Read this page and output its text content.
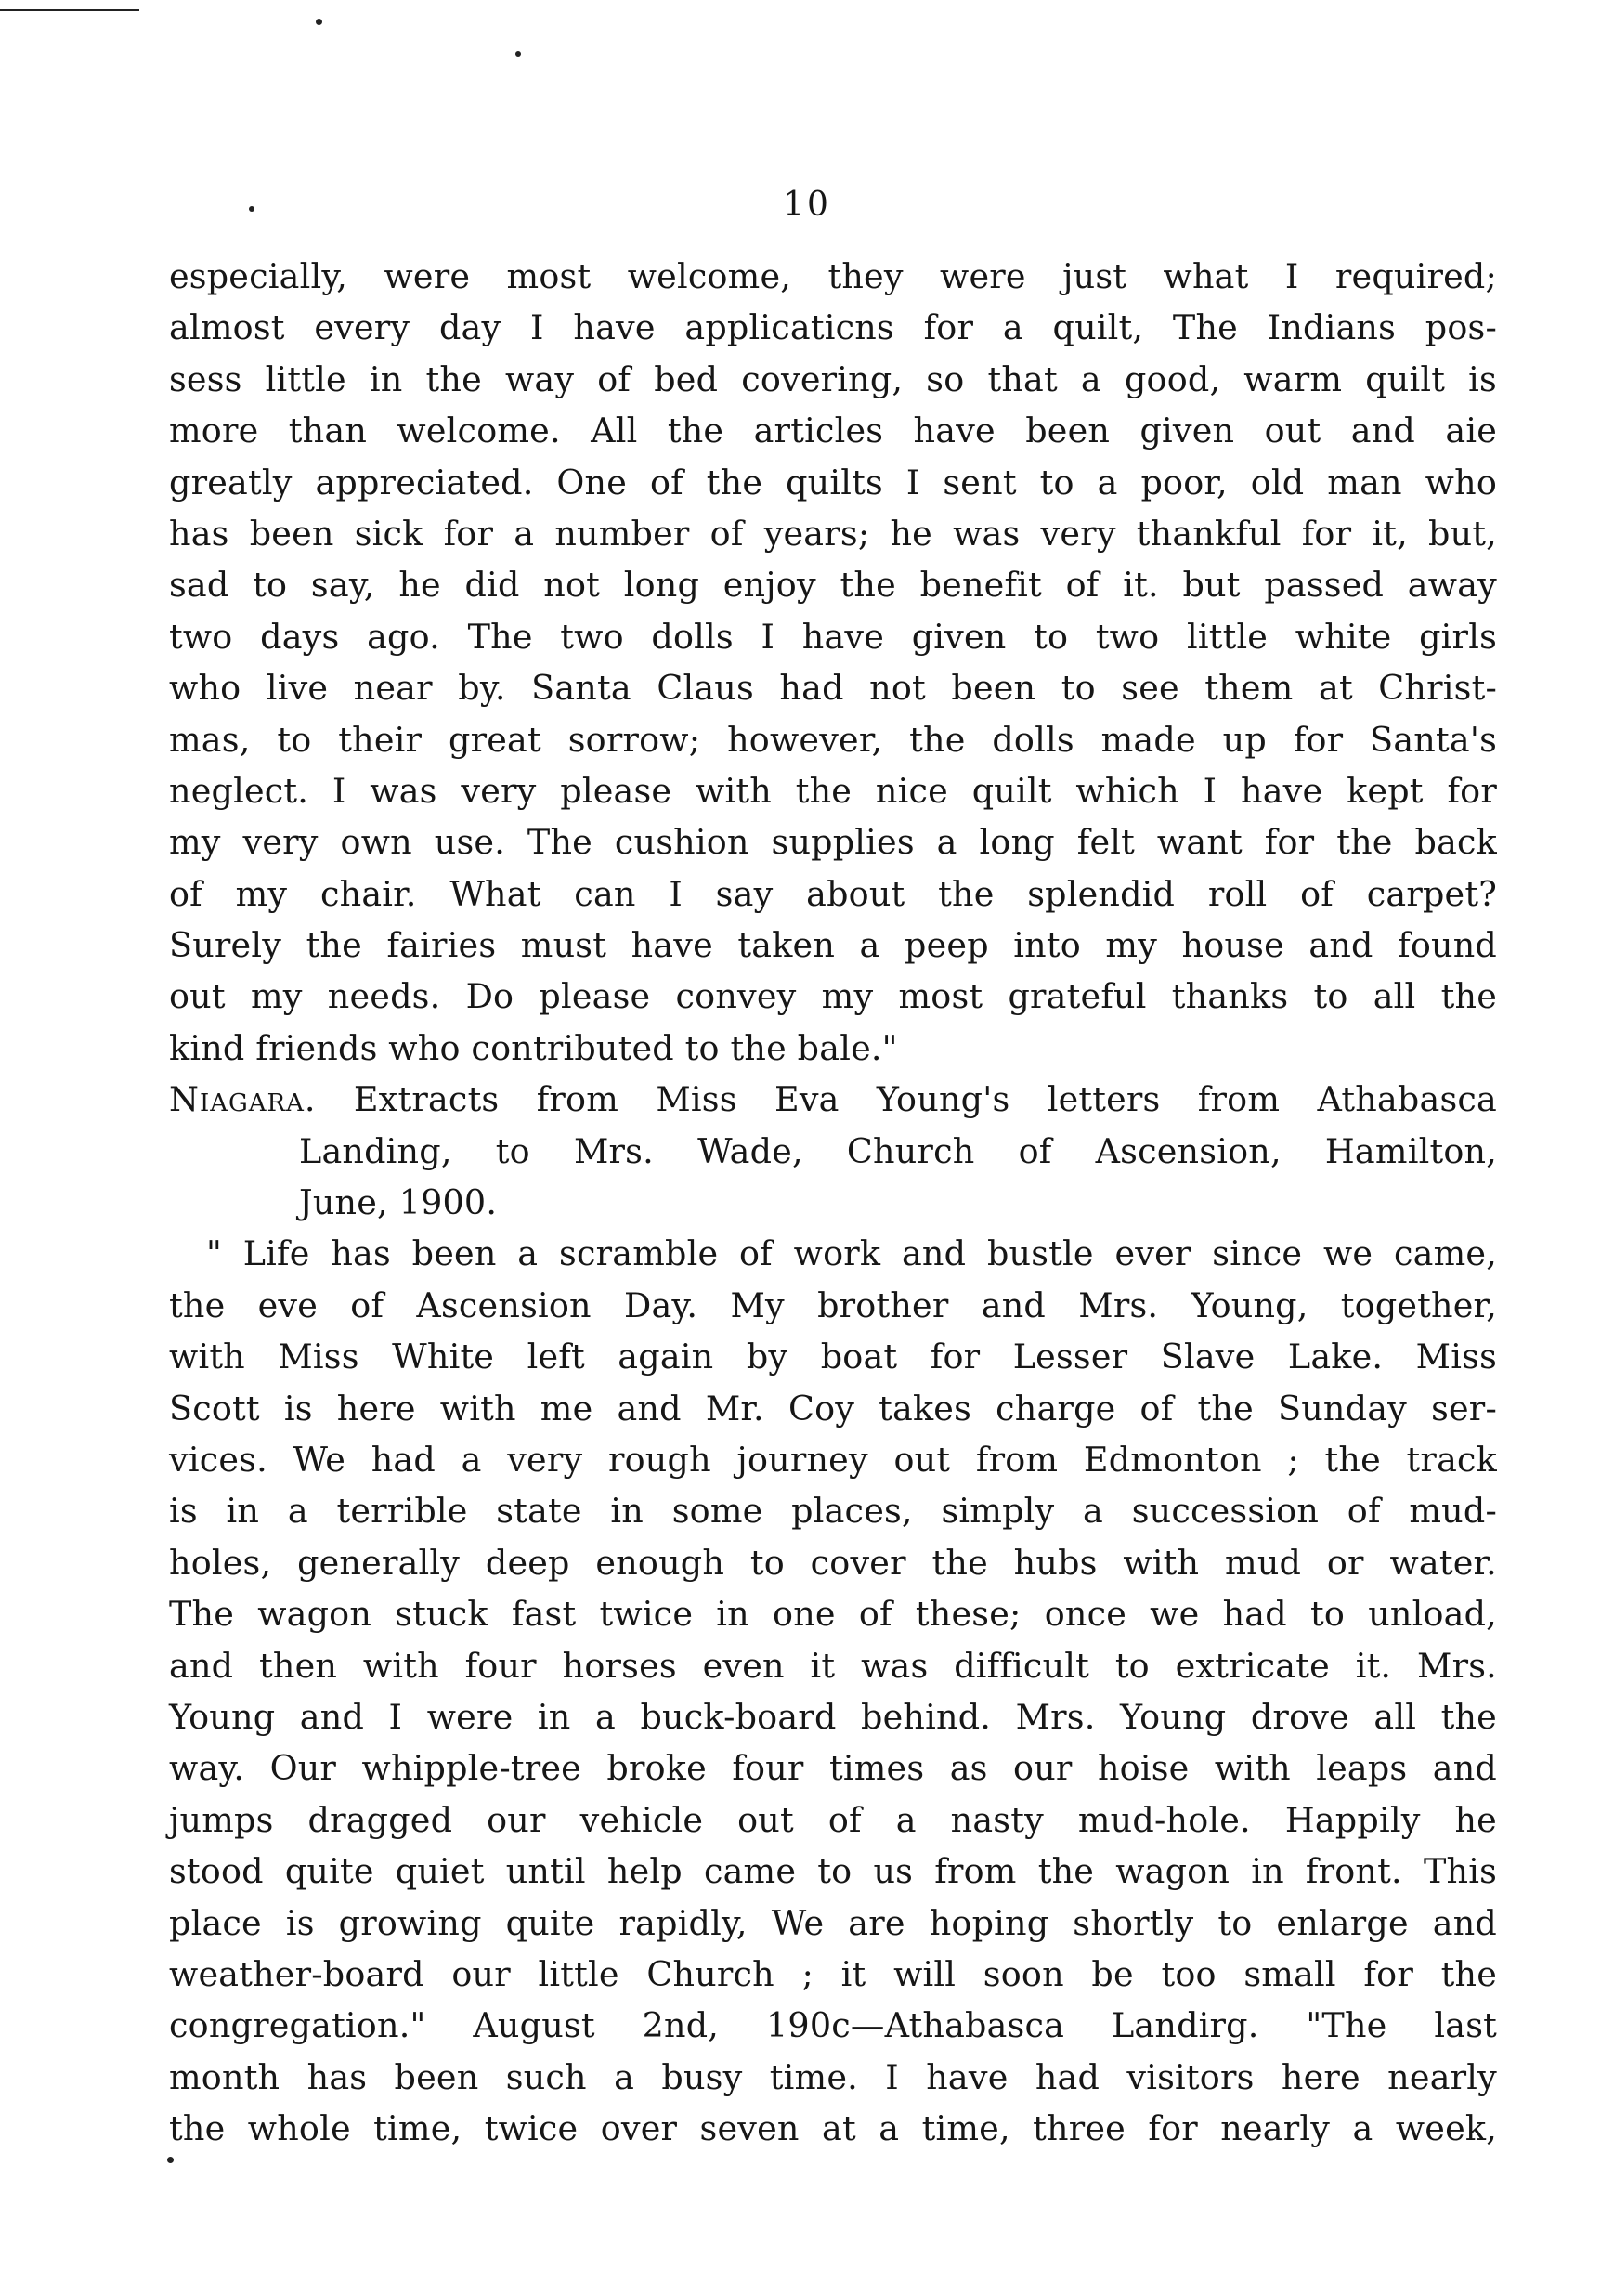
10
especially, were most welcome, they were just what I required;
almost every day I have applicaticns for a quilt, The Indians pos-
sess little in the way of bed covering, so that a good, warm quilt is
more than welcome. All the articles have been given out and aie
greatly appreciated. One of the quilts I sent to a poor, old man who
has been sick for a number of years; he was very thankful for it, but,
sad to say, he did not long enjoy the benefit of it. but passed away
two days ago. The two dolls I have given to two little white girls
who live near by. Santa Claus had not been to see them at Christ-
mas, to their great sorrow; however, the dolls made up for Santa's
neglect. I was very please with the nice quilt which I have kept for
my very own use. The cushion supplies a long felt want for the back
of my chair. What can I say about the splendid roll of carpet?
Surely the fairies must have taken a peep into my house and found
out my needs. Do please convey my most grateful thanks to all the
kind friends who contributed to the bale."
Niagara. Extracts from Miss Eva Young's letters from Athabasca
Landing, to Mrs. Wade, Church of Ascension, Hamilton,
June, 1900.
" Life has been a scramble of work and bustle ever since we came,
the eve of Ascension Day. My brother and Mrs. Young, together,
with Miss White left again by boat for Lesser Slave Lake. Miss
Scott is here with me and Mr. Coy takes charge of the Sunday ser-
vices. We had a very rough journey out from Edmonton ; the track
is in a terrible state in some places, simply a succession of mud-
holes, generally deep enough to cover the hubs with mud or water.
The wagon stuck fast twice in one of these; once we had to unload,
and then with four horses even it was difficult to extricate it. Mrs.
Young and I were in a buck-board behind. Mrs. Young drove all the
way. Our whipple-tree broke four times as our hoise with leaps and
jumps dragged our vehicle out of a nasty mud-hole. Happily he
stood quite quiet until help came to us from the wagon in front. This
place is growing quite rapidly, We are hoping shortly to enlarge and
weather-board our little Church ; it will soon be too small for the
congregation." August 2nd, 190c—Athabasca Landirg. "The last
month has been such a busy time. I have had visitors here nearly
the whole time, twice over seven at a time, three for nearly a week,
